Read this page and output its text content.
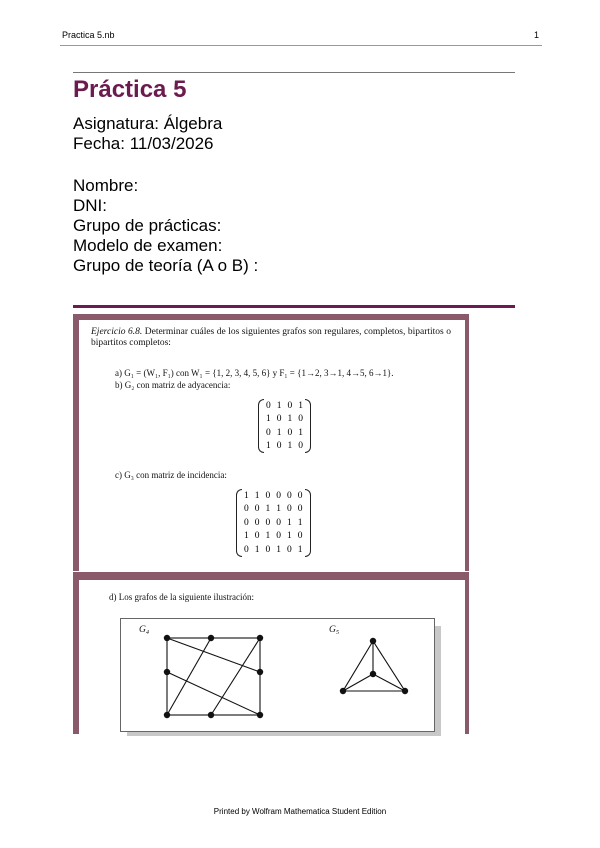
Practica 5.nb	1
Práctica 5
Asignatura: Álgebra
Fecha: 11/03/2026
Nombre:
DNI:
Grupo de prácticas:
Modelo de examen:
Grupo de teoría (A o B) :
Ejercicio 6.8. Determinar cuáles de los siguientes grafos son regulares, completos, bipartitos o bipartitos completos:
a) G₁ = (W₁, F₁) con W₁ = {1, 2, 3, 4, 5, 6} y F₁ = {1→2, 3→1, 4→5, 6→1}.
b) G₂ con matriz de adyacencia:
0	1	0	1
1	0	1	0
0	1	0	1
1	0	1	0
c) G₃ con matriz de incidencia:
1	1	0	0	0	0
0	0	1	1	0	0
0	0	0	0	1	1
1	0	1	0	1	0
0	1	0	1	0	1
d) Los grafos de la siguiente ilustración:
G₄	G₅
Printed by Wolfram Mathematica Student Edition
